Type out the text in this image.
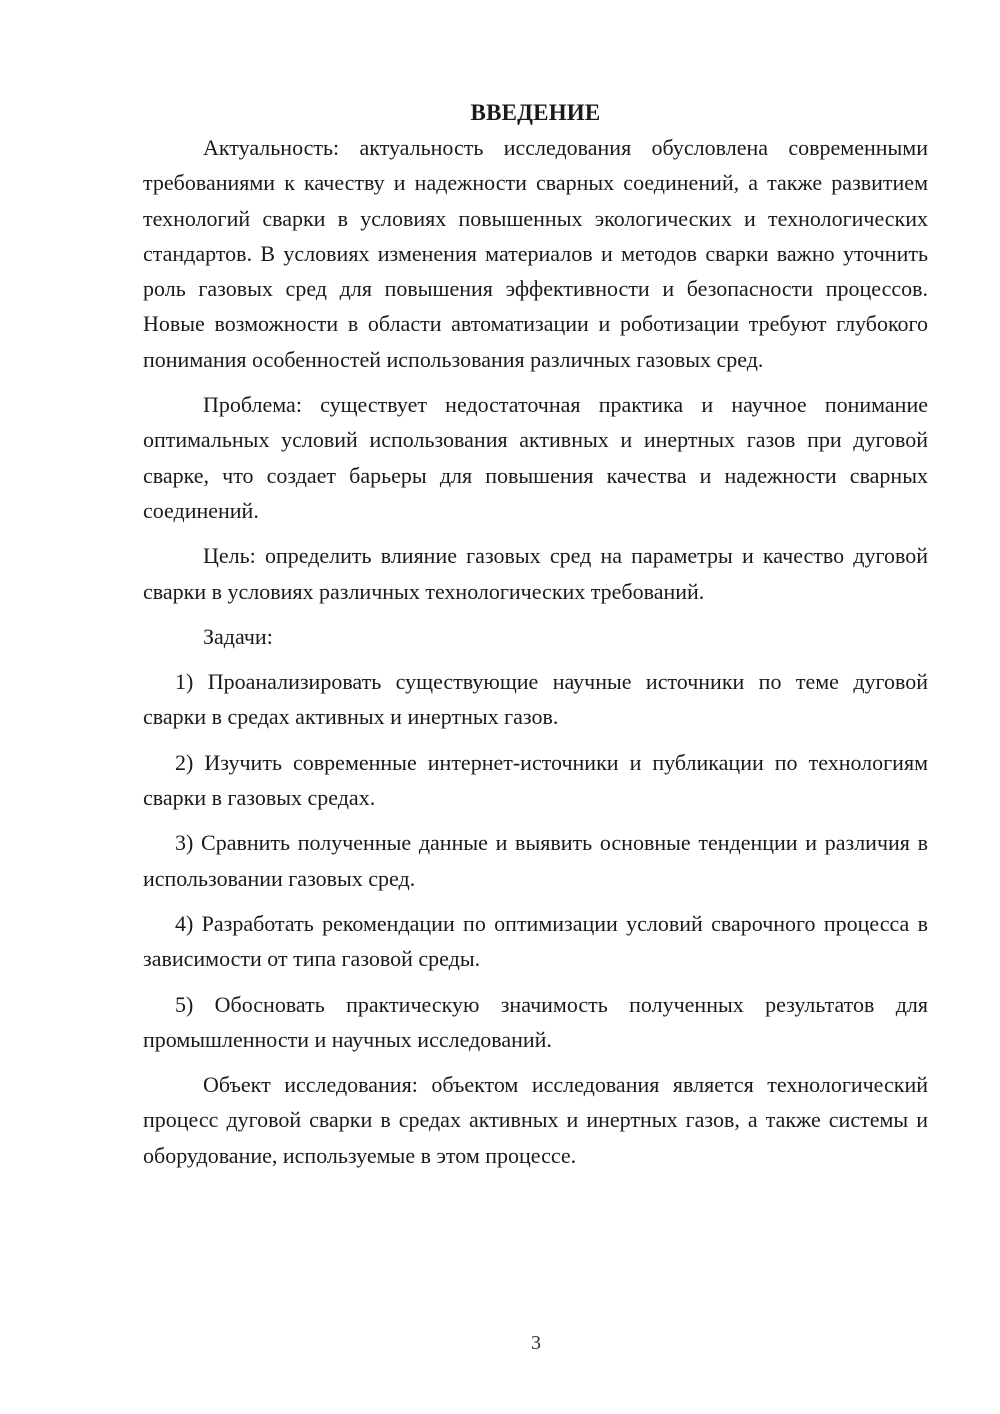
ВВЕДЕНИЕ

Актуальность: актуальность исследования обусловлена современными требованиями к качеству и надежности сварных соединений, а также развитием технологий сварки в условиях повышенных экологических и технологических стандартов. В условиях изменения материалов и методов сварки важно уточнить роль газовых сред для повышения эффективности и безопасности процессов. Новые возможности в области автоматизации и роботизации требуют глубокого понимания особенностей использования различных газовых сред.

Проблема: существует недостаточная практика и научное понимание оптимальных условий использования активных и инертных газов при дуговой сварке, что создает барьеры для повышения качества и надежности сварных соединений.

Цель: определить влияние газовых сред на параметры и качество дуговой сварки в условиях различных технологических требований.

Задачи:

1) Проанализировать существующие научные источники по теме дуговой сварки в средах активных и инертных газов.

2) Изучить современные интернет-источники и публикации по технологиям сварки в газовых средах.

3) Сравнить полученные данные и выявить основные тенденции и различия в использовании газовых сред.

4) Разработать рекомендации по оптимизации условий сварочного процесса в зависимости от типа газовой среды.

5) Обосновать практическую значимость полученных результатов для промышленности и научных исследований.

Объект исследования: объектом исследования является технологический процесс дуговой сварки в средах активных и инертных газов, а также системы и оборудование, используемые в этом процессе.

3
